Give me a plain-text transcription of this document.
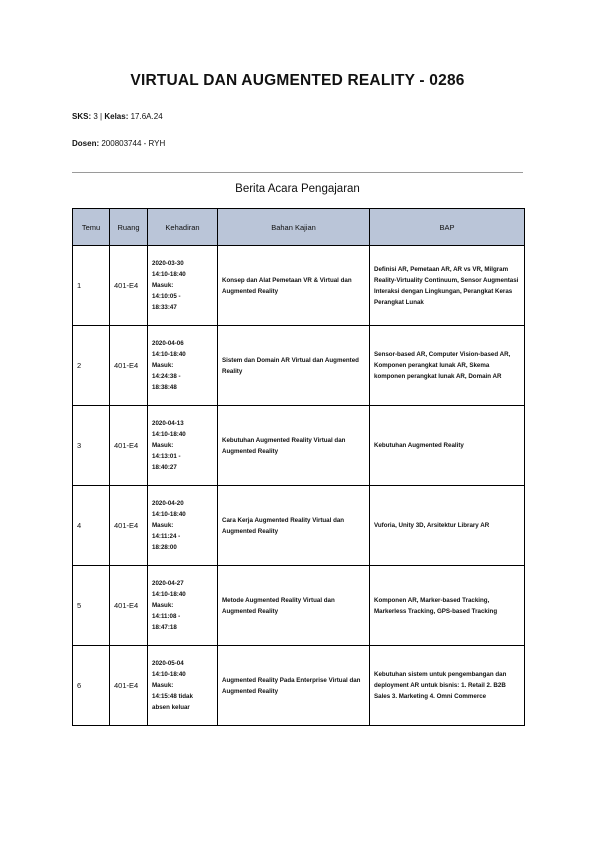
VIRTUAL DAN AUGMENTED REALITY - 0286
SKS: 3 | Kelas: 17.6A.24
Dosen: 200803744 - RYH
Berita Acara Pengajaran
Temu	Ruang	Kehadiran	Bahan Kajian	BAP
1	401-E4	2020-03-30
14:10-18:40
Masuk:
14:10:05 -
18:33:47	Konsep dan Alat Pemetaan VR & Virtual dan Augmented Reality	Definisi AR, Pemetaan AR, AR vs VR, Milgram Reality-Virtuality Continuum, Sensor Augmentasi Interaksi dengan Lingkungan, Perangkat Keras Perangkat Lunak
2	401-E4	2020-04-06
14:10-18:40
Masuk:
14:24:38 -
18:38:48	Sistem dan Domain AR Virtual dan Augmented Reality	Sensor-based AR, Computer Vision-based AR, Komponen perangkat lunak AR, Skema komponen perangkat lunak AR, Domain AR
3	401-E4	2020-04-13
14:10-18:40
Masuk:
14:13:01 -
18:40:27	Kebutuhan Augmented Reality Virtual dan Augmented Reality	Kebutuhan Augmented Reality
4	401-E4	2020-04-20
14:10-18:40
Masuk:
14:11:24 -
18:28:00	Cara Kerja Augmented Reality Virtual dan Augmented Reality	Vuforia, Unity 3D, Arsitektur Library AR
5	401-E4	2020-04-27
14:10-18:40
Masuk:
14:11:08 -
18:47:18	Metode Augmented Reality Virtual dan Augmented Reality	Komponen AR, Marker-based Tracking, Markerless Tracking, GPS-based Tracking
6	401-E4	2020-05-04
14:10-18:40
Masuk:
14:15:48 tidak
absen keluar	Augmented Reality Pada Enterprise Virtual dan Augmented Reality	Kebutuhan sistem untuk pengembangan dan deployment AR untuk bisnis: 1. Retail 2. B2B Sales 3. Marketing 4. Omni Commerce
